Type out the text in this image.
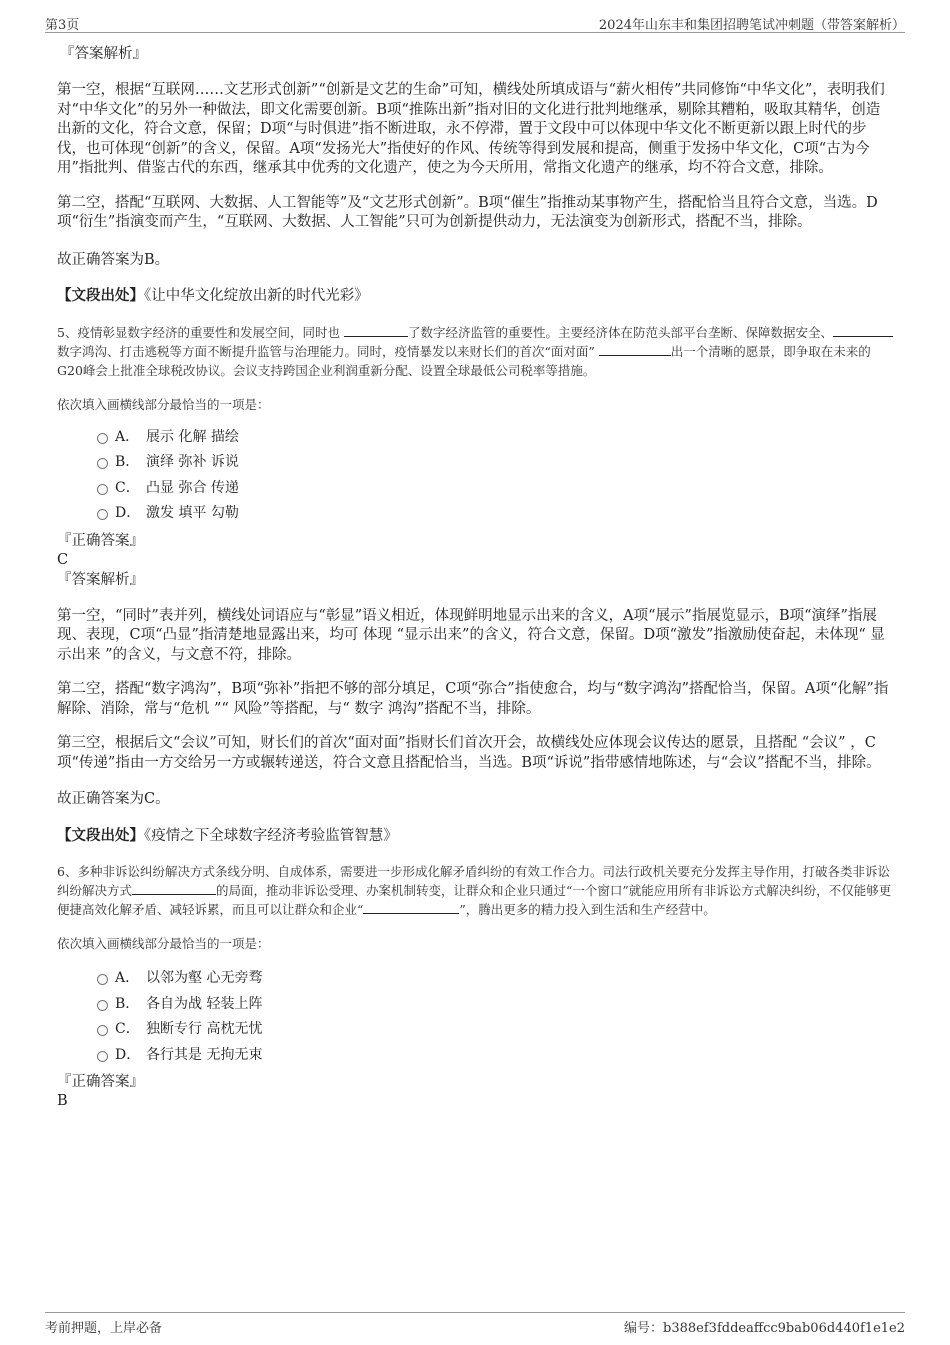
第3页	2024年山东丰和集团招聘笔试冲刺题（带答案解析）
『答案解析』

第一空，根据“互联网……文艺形式创新”“创新是文艺的生命”可知，横线处所填成语与“薪火相传”共同修饰“中华文化”，表明我们对“中华文化”的另外一种做法，即文化需要创新。B项“推陈出新”指对旧的文化进行批判地继承，剔除其糟粕，吸取其精华，创造出新的文化，符合文意，保留；D项“与时俱进”指不断进取，永不停滞，置于文段中可以体现中华文化不断更新以跟上时代的步伐，也可体现“创新”的含义，保留。A项“发扬光大”指使好的作风、传统等得到发展和提高，侧重于发扬中华文化，C项“古为今用”指批判、借鉴古代的东西，继承其中优秀的文化遗产，使之为今天所用，常指文化遗产的继承，均不符合文意，排除。

第二空，搭配“互联网、大数据、人工智能等”及“文艺形式创新”。B项“催生”指推动某事物产生，搭配恰当且符合文意，当选。D项“衍生”指演变而产生，“互联网、大数据、人工智能”只可为创新提供动力，无法演变为创新形式，搭配不当，排除。

故正确答案为B。

【文段出处】《让中华文化绽放出新的时代光彩》

5、疫情彰显数字经济的重要性和发展空间，同时也	了数字经济监管的重要性。主要经济体在防范头部平台垄断、保障数据安全、数字鸿沟、打击逃税等方面不断提升监管与治理能力。同时，疫情暴发以来财长们的首次“面对面”	出一个清晰的愿景，即争取在未来的G20峰会上批准全球税改协议。会议支持跨国企业利润重新分配、设置全球最低公司税率等措施。
依次填入画横线部分最恰当的一项是：
A． 展示 化解 描绘
B． 演绎 弥补 诉说
C． 凸显 弥合 传递
D． 激发 填平 勾勒
『正确答案』
C
『答案解析』

第一空，“同时”表并列，横线处词语应与“彰显”语义相近，体现鲜明地显示出来的含义，A项“展示”指展览显示，B项“演绎”指展现、表现，C项“凸显”指清楚地显露出来，均可 体现 “显示出来”的含义，符合文意，保留。D项“激发”指激励使奋起，未体现“ 显示出来 ”的含义，与文意不符，排除。

第二空，搭配“数字鸿沟”，B项“弥补”指把不够的部分填足，C项“弥合”指使愈合，均与“数字鸿沟”搭配恰当，保留。A项“化解”指解除、消除，常与“危机 ”“ 风险”等搭配，与“ 数字 鸿沟”搭配不当，排除。

第三空，根据后文“会议”可知，财长们的首次“面对面”指财长们首次开会，故横线处应体现会议传达的愿景，且搭配 “会议” ，C项“传递”指由一方交给另一方或辗转递送，符合文意且搭配恰当，当选。B项“诉说”指带感情地陈述，与“会议”搭配不当，排除。

故正确答案为C。

【文段出处】《疫情之下全球数字经济考验监管智慧》

6、多种非诉讼纠纷解决方式条线分明、自成体系，需要进一步形成化解矛盾纠纷的有效工作合力。司法行政机关要充分发挥主导作用，打破各类非诉讼纠纷解决方式	的局面，推动非诉讼受理、办案机制转变，让群众和企业只通过“一个窗口”就能应用所有非诉讼方式解决纠纷，不仅能够更便捷高效化解矛盾、减轻诉累，而且可以让群众和企业“	”，腾出更多的精力投入到生活和生产经营中。
依次填入画横线部分最恰当的一项是：
A． 以邻为壑 心无旁骛
B． 各自为战 轻装上阵
C． 独断专行 高枕无忧
D． 各行其是 无拘无束
『正确答案』
B
考前押题，上岸必备	编号：b388ef3fddeaffcc9bab06d440f1e1e2
